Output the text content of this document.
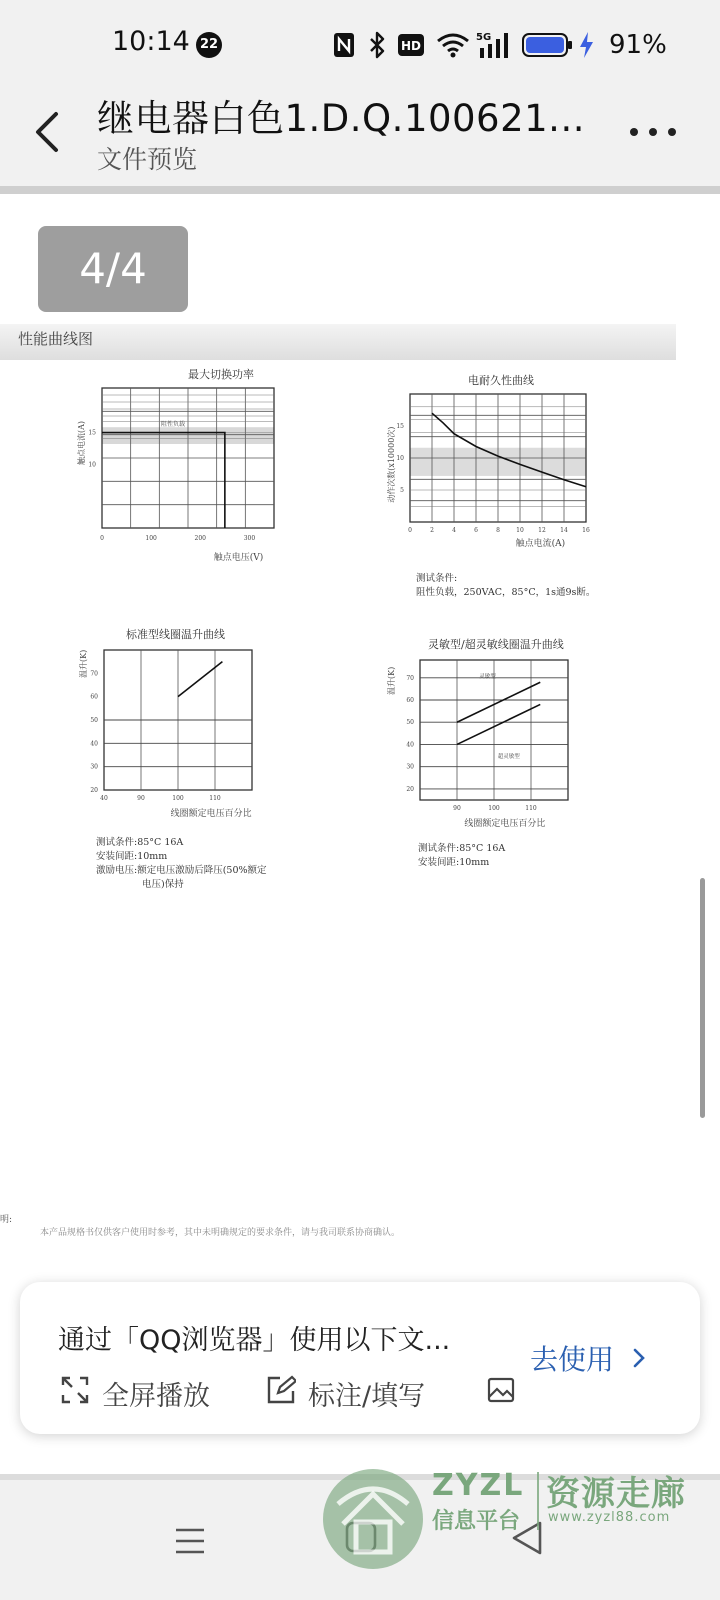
10:14 22	HD
5G	91%
继电器白色1.D.Q.100621...
文件预览
4/4
性能曲线图
最大切换功率
阻性负载
0	100	200	300
10
15
触点电压(V)
触点电流(A)
电耐久性曲线
0	2	4	6	8	10 12 14 16
5
10
15
触点电流(A)
动作次数(x10000次)
测试条件:
阻性负载，250VAC，85°C，1s通9s断。
标准型线圈温升曲线
40	90	100	110
20
30
40
50
60
70
线圈额定电压百分比
温升(K)
测试条件:85°C 16A
安装间距:10mm
激励电压:额定电压激励后降压(50%额定
电压)保持
灵敏型/超灵敏线圈温升曲线
灵敏型
超灵敏型
90	100	110
20
30
40
50
60
70
线圈额定电压百分比
温升(K)
测试条件:85°C 16A
安装间距:10mm
明:
本产品规格书仅供客户使用时参考，其中未明确规定的要求条件，请与我司联系协商确认。
通过「QQ浏览器」使用以下文...
去使用
全屏播放	标注/填写
ZYZL
信息平台
资源走廊
www.zyzl88.com
